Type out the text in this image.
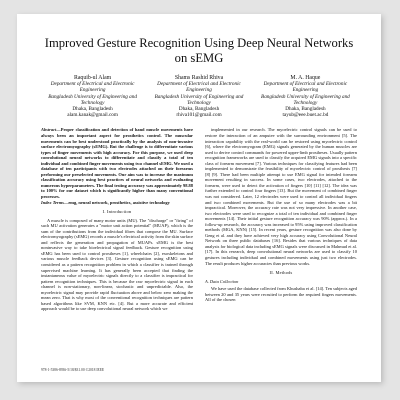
Improved Gesture Recognition Using Deep Neural Networks on sEMG
Raquib-ul Alam
Department of Electrical and Electronic Engineering
Bangladesh University of Engineering and Technology
Dhaka, Bangladesh
alam.kanak@gmail.com
Shams Rashid Rhiva
Department of Electrical and Electronic Engineering
Bangladesh University of Engineering and Technology
Dhaka, Bangladesh
rhiva101@gmail.com
M. A. Haque
Department of Electrical and Electronic Engineering
Bangladesh University of Engineering and Technology
Dhaka, Bangladesh
tayub@eee.buet.ac.bd

Abstract—Proper classification and detection of hand muscle movements have always been an important aspect for prosthetics control. The muscular movements can be best understood practically by the analysis of non-invasive surface electromyography (sEMG). But the challenge is to differentiate various types of finger movements with high accuracy. For this purpose, we used deep convolutional neural networks to differentiate and classify a total of ten individual and combined finger movements using two channel sEMG. We used a database of ten participants with two electrodes attached on their forearms performing our preselected movements. Our aim was to increase the maximum classification accuracy using best practices of neural networks and evaluating numerous hyperparameters. The final testing accuracy was approximately 98.88 to 100% for our dataset which is significantly higher than many conventional processes.

Index Terms—emg, neural network, prosthetics, assistive technology

I. Introduction

A muscle is composed of many motor units (MU). The "discharge" or "firing" of such MU activation generates a "motor unit action potential" (MUAP), which is the sum of the contributions from the individual fibres that compose the MU. Surface electromyography (sEMG) records a muscle's electrical activity from the skin surface and reflects the generation and propagation of MUAPs. sEMG is the best noninvasive way to take bioelectrical signal feedback. Gesture recognition using sEMG has been used to control prostheses [1], wheelchairs [2], exoskeletons and various muscle feedback devices [3]. Gesture recognition using sEMG can be considered as a pattern recognition problem in which a classifier is trained through supervised machine learning. It has generally been accepted that finding the instantaneous value of myoelectric signals directly to a classifier is impractical for pattern recognition techniques. This is because the raw myoelectric signal in each channel is non-stationary, non-linear, stochastic and unpredictable. Also, the myoelectric signal may provide rapid fluctuation above and below zero making the mean zero. That is why most of the conventional recognition techniques are pattern based algorithms like SVM, KNN etc. [4]. But a more accurate and efficient approach would be to use deep convolutional neural network which we

implemented in our research. The myoelectric control signals can be used to restore the interaction of an amputee with the surrounding environment [5]. The interaction capability with the real-world can be restored using myoelectric control [6], where the electromyogram (EMG) signals generated by the human muscles are used to derive control commands for powered upper-limb prostheses. Usually pattern recognition frameworks are used to classify the acquired EMG signals into a specific class of forearm movement [7]. Various techniques for classifying features had been implemented to demonstrate the feasibility of myoelectric control of prosthesis [7] [8] [9]. There had been multiple attempt to use EMG signal for intended forearm movement resulting in success. In some cases, two electrodes, attached to the forearm, were used to detect the activation of fingers [10] [11] [12]. The idea was further extended to control four fingers [13]. But the movement of combined finger was not considered. Later, 12 electrodes were used to control all individual fingers and two combined movements. But the use of so many electrodes was a bit impractical. Moreover, the accuracy rate was not very impressive. In another case, two electrodes were used to recognize a total of ten individual and combined finger movements [14]. Their initial gesture recognition accuracy was 90% (approx.). In a follow-up research, the accuracy was increased to 95% using improved classification methods (MGA, KNN) [15]. In recent years, gesture recognition was also done by Geng et al. and they have achieved very high accuracy using Convolutional Neural Network on three public databases [16]. Besides that various techniques of data analysis for biological data including sEMG signals were discussed in Mahmud et al. [17]. In this research, deep convolutional neural networks are used to classify 10 gestures including individual and combined movements using just two electrodes. The result produces higher accuracies than previous works.

II. Methods
A. Data Collection

We have used the database collected from Khushaba et al. [14]. Ten subjects aged between 20 and 35 years were recruited to perform the required fingers movements. All of the chosen

978-1-5386-8936-5/18/$31.00 ©2018 IEEE
